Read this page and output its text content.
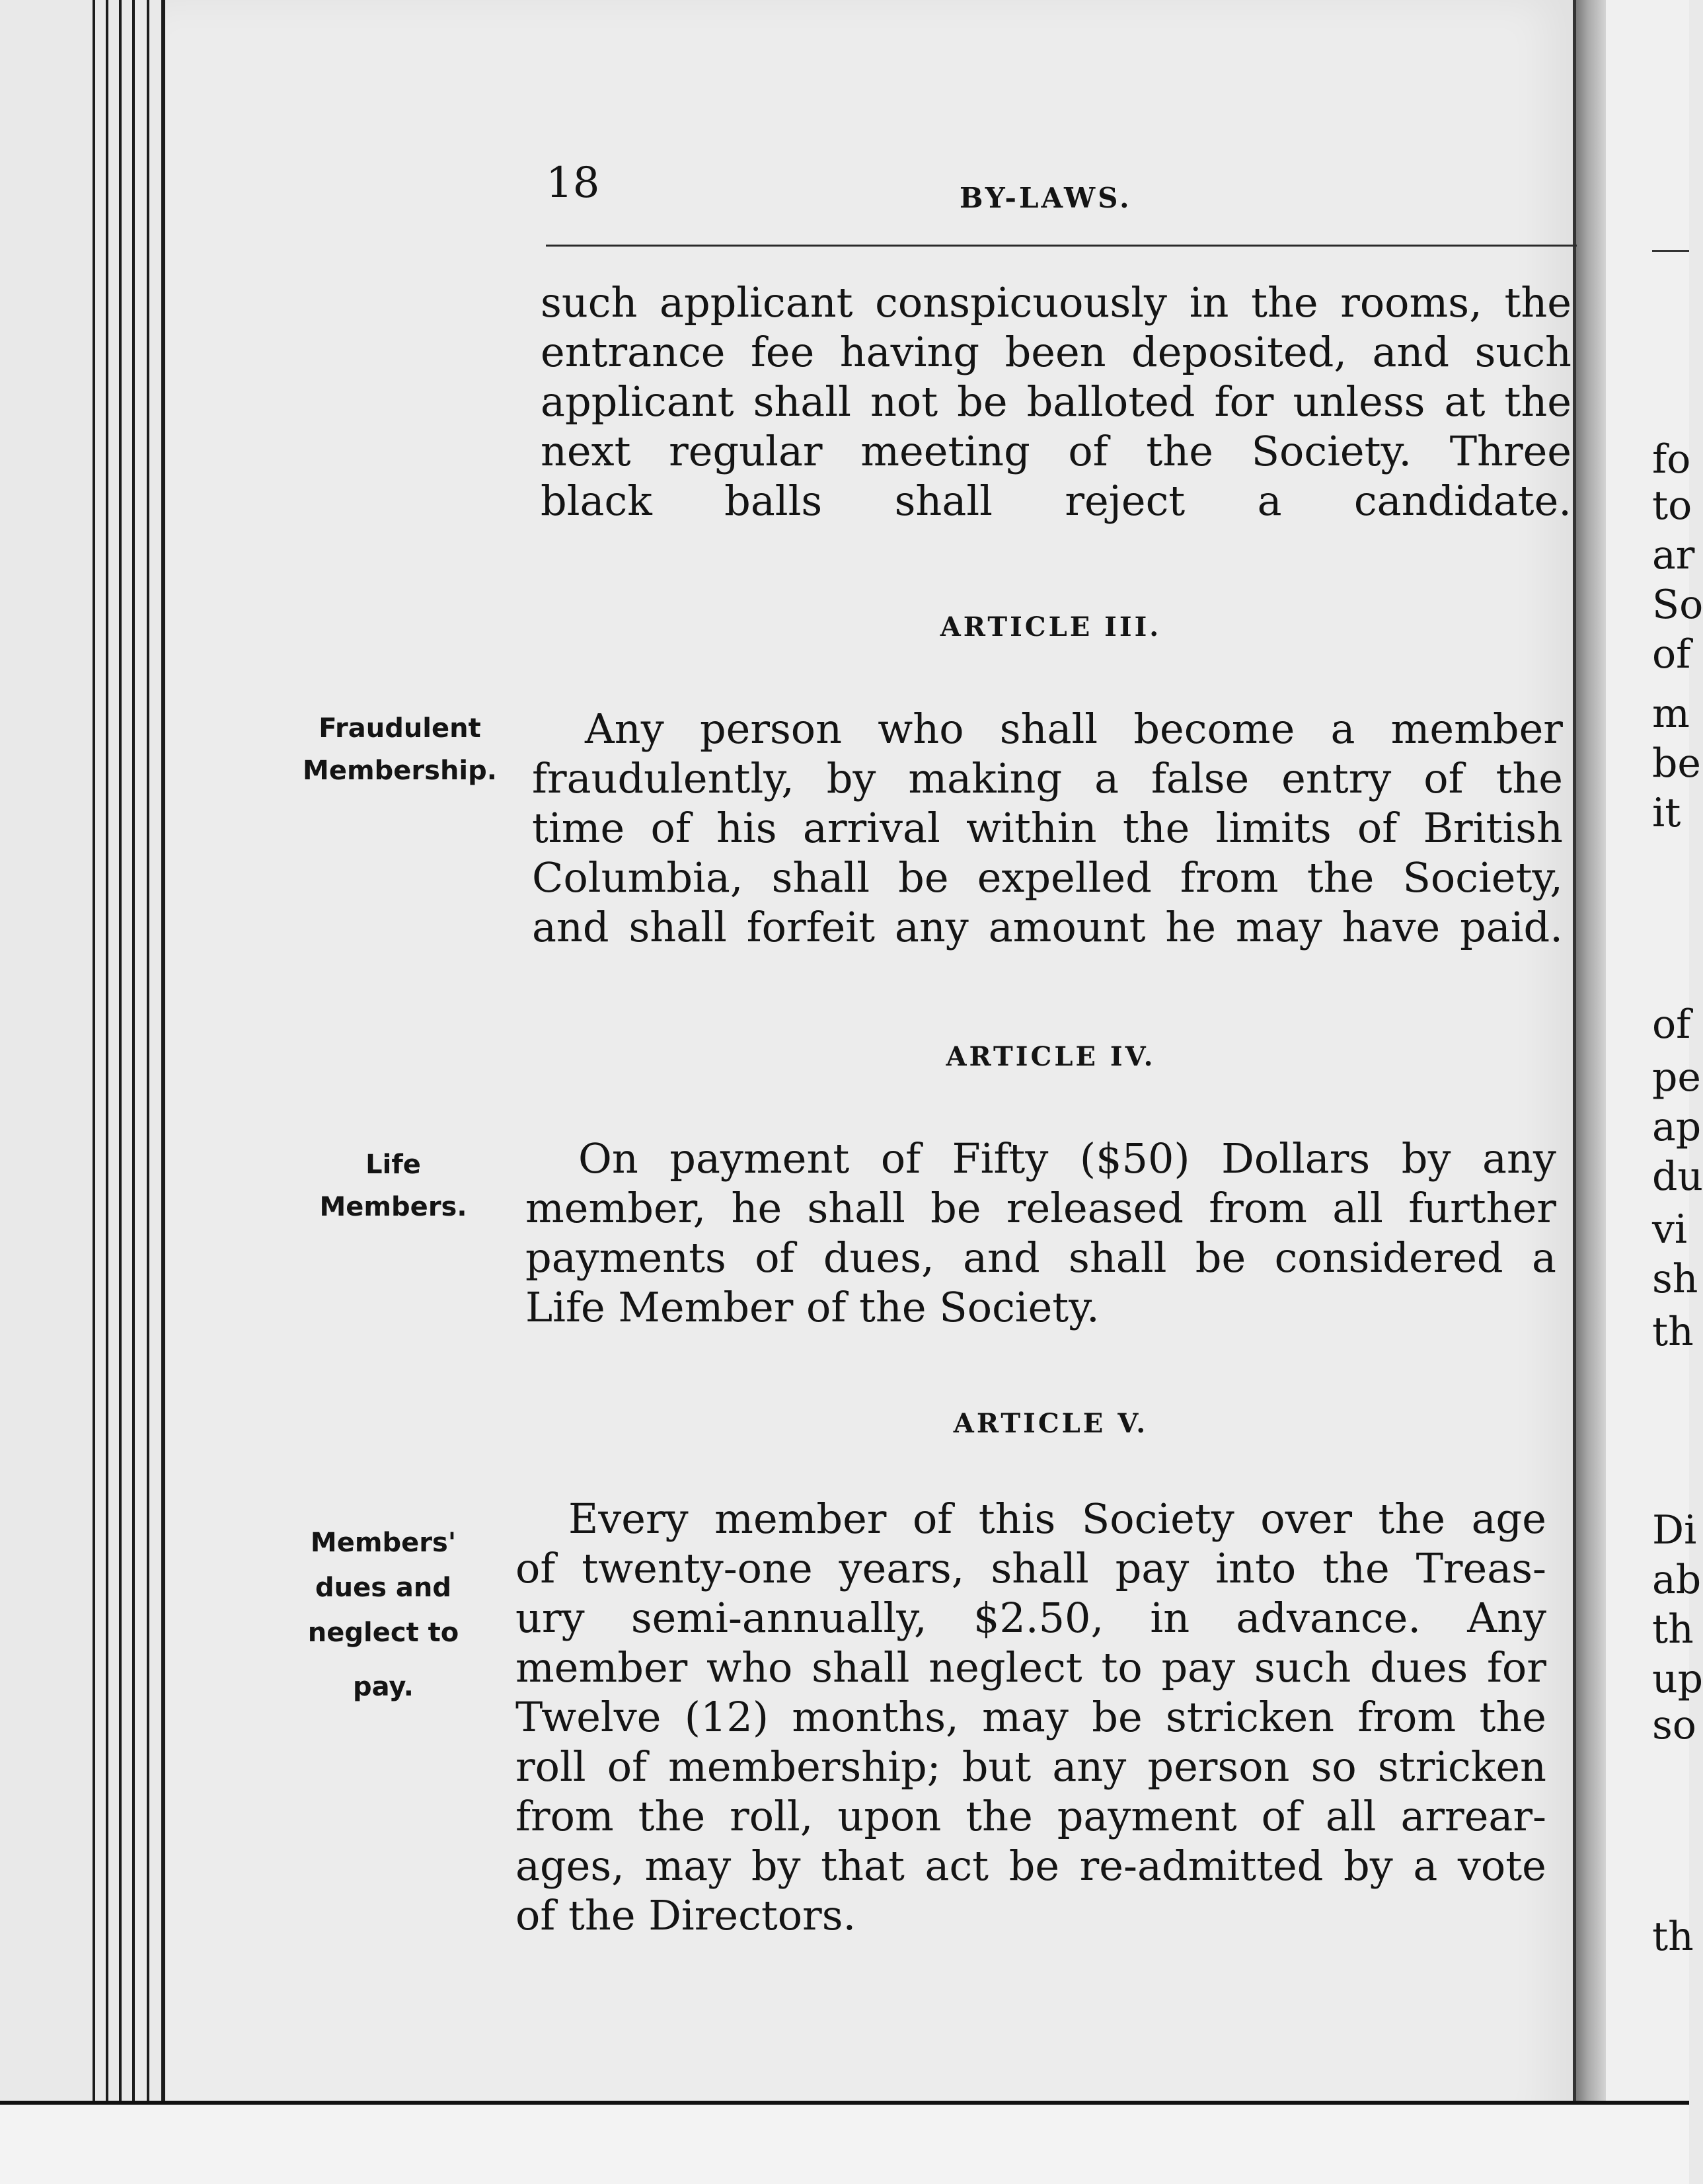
fo
to
ar
So
of
m
be
it
of
pe
ap
du
vi
sh
th
Di
ab
th
up
so
th
18	BY-LAWS.
such applicant conspicuously in the rooms, the
entrance fee having been deposited, and such
applicant shall not be balloted for unless at the
next regular meeting of the Society. Three
black balls shall reject a candidate.
ARTICLE III.
Fraudulent
Membership.
Any person who shall become a member
fraudulently, by making a false entry of the
time of his arrival within the limits of British
Columbia, shall be expelled from the Society,
and shall forfeit any amount he may have paid.
ARTICLE IV.
Life
Members.
On payment of Fifty ($50) Dollars by any
member, he shall be released from all further
payments of dues, and shall be considered a
Life Member of the Society.
ARTICLE V.
Members'
dues and
neglect to
pay.
Every member of this Society over the age
of twenty-one years, shall pay into the Treas-
ury semi-annually, $2.50, in advance. Any
member who shall neglect to pay such dues for
Twelve (12) months, may be stricken from the
roll of membership; but any person so stricken
from the roll, upon the payment of all arrear-
ages, may by that act be re-admitted by a vote
of the Directors.
